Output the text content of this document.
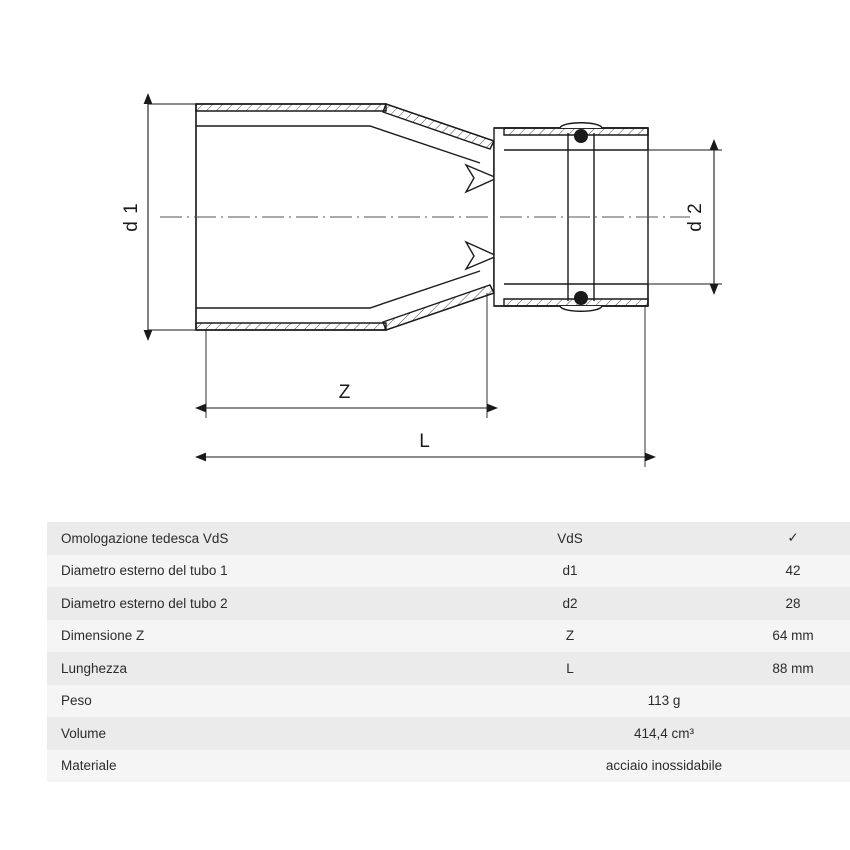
d 1	d 2
Z
L
Omologazione tedesca VdS	VdS	✓
Diametro esterno del tubo 1	d1	42
Diametro esterno del tubo 2	d2	28
Dimensione Z	Z	64 mm
Lunghezza	L	88 mm
Peso	113 g	
Volume	414,4 cm³	
Materiale	acciaio inossidabile	
